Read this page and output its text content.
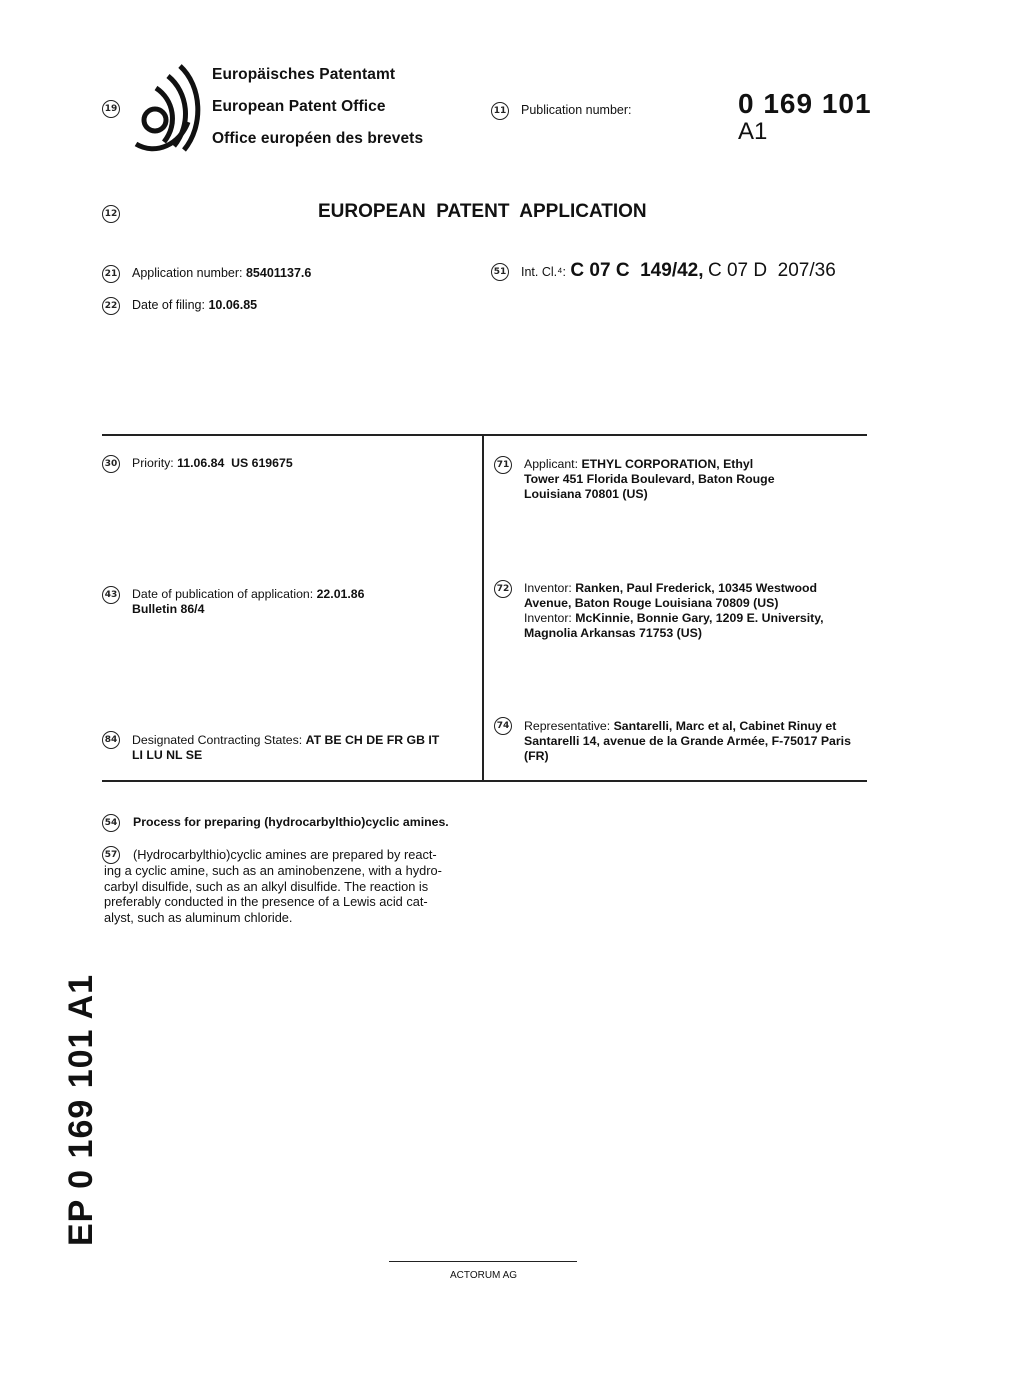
19
Europäisches Patentamt
European Patent Office
Office européen des brevets
11 Publication number:	0 169 101
A1
12	EUROPEAN  PATENT  APPLICATION
21 Application number: 85401137.6
22 Date of filing: 10.06.85
51 Int. Cl.⁴: C 07 C  149/42, C 07 D  207/36
30 Priority: 11.06.84  US 619675
43 Date of publication of application: 22.01.86
Bulletin 86/4
84 Designated Contracting States: AT BE CH DE FR GB IT
LI LU NL SE
71 Applicant: ETHYL CORPORATION, Ethyl
Tower 451 Florida Boulevard, Baton Rouge
Louisiana 70801 (US)
72 Inventor: Ranken, Paul Frederick, 10345 Westwood
Avenue, Baton Rouge Louisiana 70809 (US)
Inventor: McKinnie, Bonnie Gary, 1209 E. University,
Magnolia Arkansas 71753 (US)
74 Representative: Santarelli, Marc et al, Cabinet Rinuy et
Santarelli 14, avenue de la Grande Armée, F-75017 Paris
(FR)
54 Process for preparing (hydrocarbylthio)cyclic amines.
57 (Hydrocarbylthio)cyclic amines are prepared by react-
ing a cyclic amine, such as an aminobenzene, with a hydro-
carbyl disulfide, such as an alkyl disulfide. The reaction is
preferably conducted in the presence of a Lewis acid cat-
alyst, such as aluminum chloride.
EP 0 169 101 A1
ACTORUM AG
